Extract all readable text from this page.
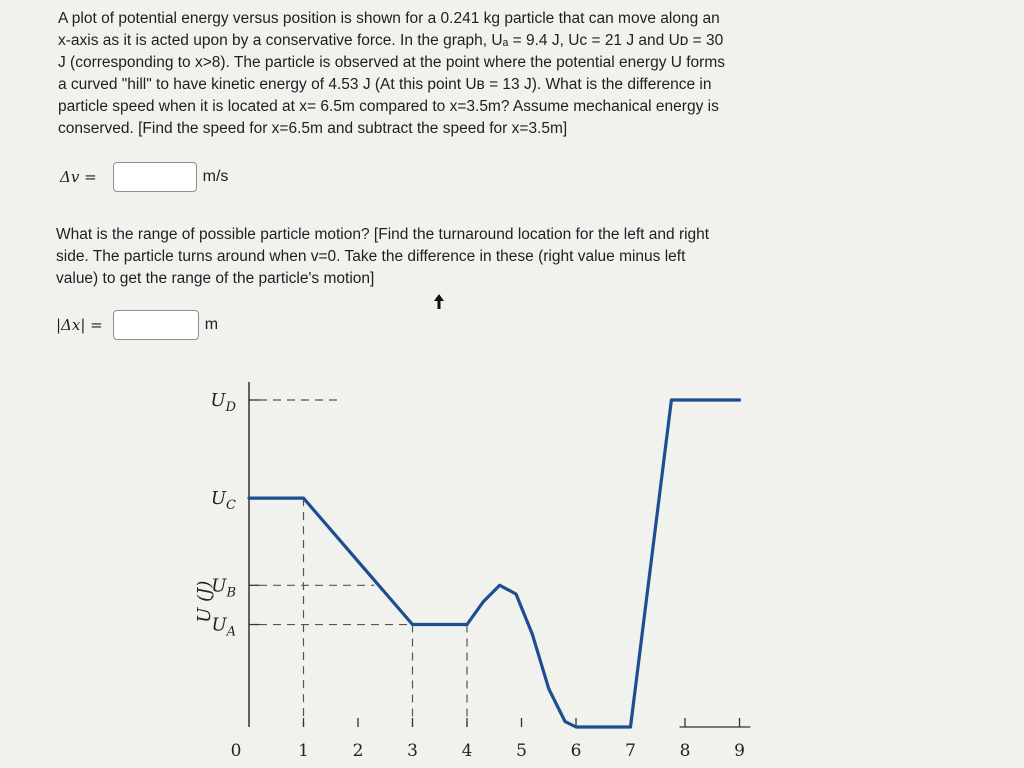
A plot of potential energy versus position is shown for a 0.241 kg particle that can move along an
x-axis as it is acted upon by a conservative force. In the graph, Uₐ = 9.4 J, Uᴄ = 21 J and Uᴅ = 30
J (corresponding to x>8). The particle is observed at the point where the potential energy U forms
a curved "hill" to have kinetic energy of 4.53 J (At this point Uʙ = 13 J). What is the difference in
particle speed when it is located at x= 6.5m compared to x=3.5m? Assume mechanical energy is
conserved. [Find the speed for x=6.5m and subtract the speed for x=3.5m]
Δv =	m/s
What is the range of possible particle motion? [Find the turnaround location for the left and right
side. The particle turns around when v=0. Take the difference in these (right value minus left
value) to get the range of the particle's motion]
|Δx| =	m
$U_D$
$U_C$
$U_B$
$U_A$
U (J)
0	1	2	3	4	5	6	7	8	9
